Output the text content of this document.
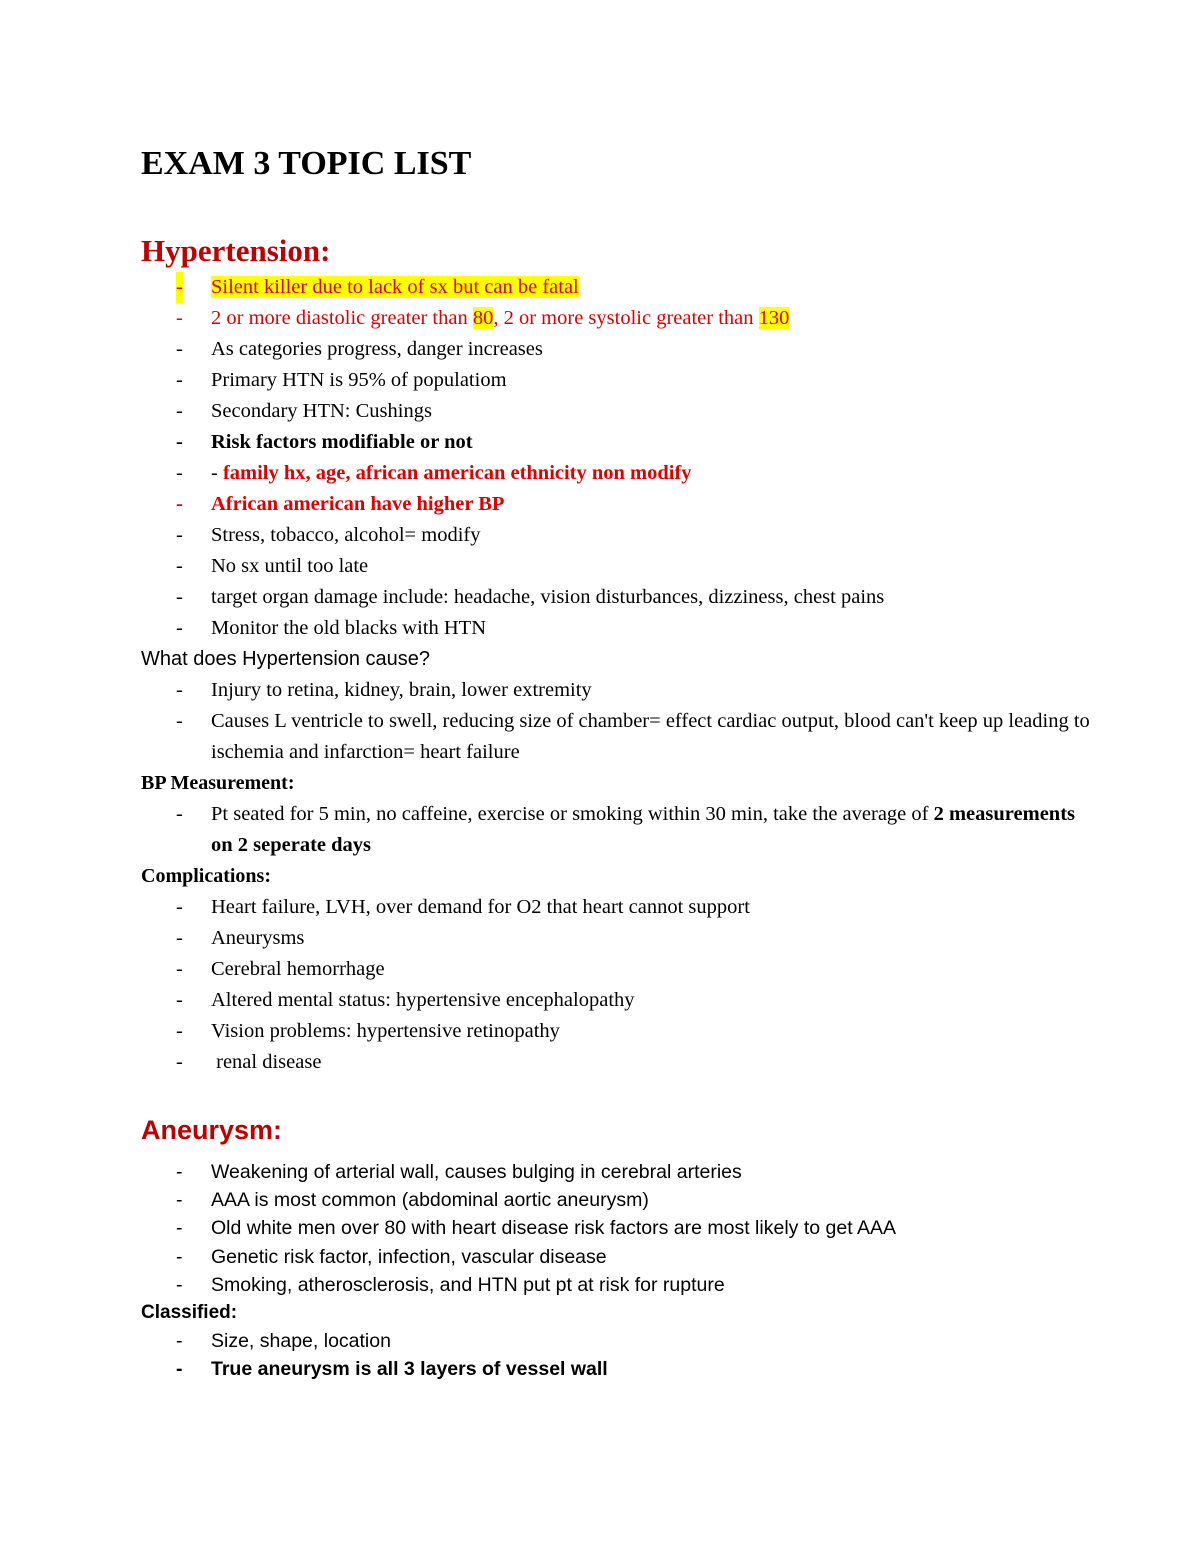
EXAM 3 TOPIC LIST
Hypertension:
- Silent killer due to lack of sx but can be fatal
- 2 or more diastolic greater than 80, 2 or more systolic greater than 130
- As categories progress, danger increases
- Primary HTN is 95% of populatiom
- Secondary HTN: Cushings
- Risk factors modifiable or not
- - family hx, age, african american ethnicity non modify
- African american have higher BP
- Stress, tobacco, alcohol= modify
- No sx until too late
- target organ damage include: headache, vision disturbances, dizziness, chest pains
- Monitor the old blacks with HTN

What does Hypertension cause?

- Injury to retina, kidney, brain, lower extremity
- Causes L ventricle to swell, reducing size of chamber= effect cardiac output, blood can't keep up leading to ischemia and infarction= heart failure

BP Measurement:

- Pt seated for 5 min, no caffeine, exercise or smoking within 30 min, take the average of 2 measurements on 2 seperate days

Complications:

- Heart failure, LVH, over demand for O2 that heart cannot support
- Aneurysms
- Cerebral hemorrhage
- Altered mental status: hypertensive encephalopathy
- Vision problems: hypertensive retinopathy
- renal disease
Aneurysm:
- Weakening of arterial wall, causes bulging in cerebral arteries
- AAA is most common (abdominal aortic aneurysm)
- Old white men over 80 with heart disease risk factors are most likely to get AAA
- Genetic risk factor, infection, vascular disease
- Smoking, atherosclerosis, and HTN put pt at risk for rupture

Classified:

- Size, shape, location
- True aneurysm is all 3 layers of vessel wall
